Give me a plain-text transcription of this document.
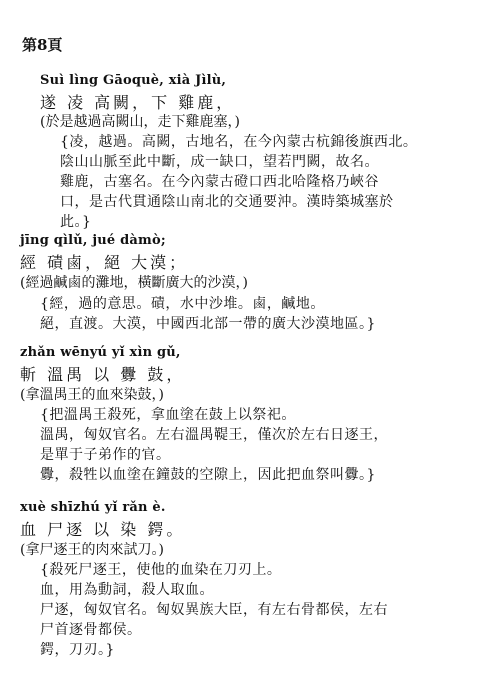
第8頁
Suì lìng Gāoquè, xià Jìlù,
遂 凌 高闕，下 雞鹿，
(於是越過高闕山，走下雞鹿塞，)
{凌，越過。高闕，古地名，在今內蒙古杭錦後旗西北。
陰山山脈至此中斷，成一缺口，望若門闕，故名。
雞鹿，古塞名。在今內蒙古磴口西北哈隆格乃峽谷
口，是古代貫通陰山南北的交通要沖。漢時築城塞於
此。}
jīng qìlǔ, jué dàmò;
經 磧鹵，絕 大漠；
(經過鹹鹵的灘地，橫斷廣大的沙漠，)
{經，過的意思。磧，水中沙堆。鹵，鹹地。
絕，直渡。大漠，中國西北部一帶的廣大沙漠地區。}
zhǎn wēnyú yǐ xìn gǔ,
斬 溫禺 以 釁 鼓，
(拿溫禺王的血來染鼓，)
{把溫禺王殺死，拿血塗在鼓上以祭祀。
溫禺，匈奴官名。左右溫禺鞮王，僅次於左右日逐王，
是單于子弟作的官。
釁，殺牲以血塗在鐘鼓的空隙上，因此把血祭叫釁。}
xuè shīzhú yǐ rǎn è.
血 尸逐 以 染 鍔。
(拿尸逐王的肉來試刀。)
{殺死尸逐王，使他的血染在刀刃上。
血，用為動詞，殺人取血。
尸逐，匈奴官名。匈奴異族大臣，有左右骨都侯，左右
尸首逐骨都侯。
鍔，刀刃。}
